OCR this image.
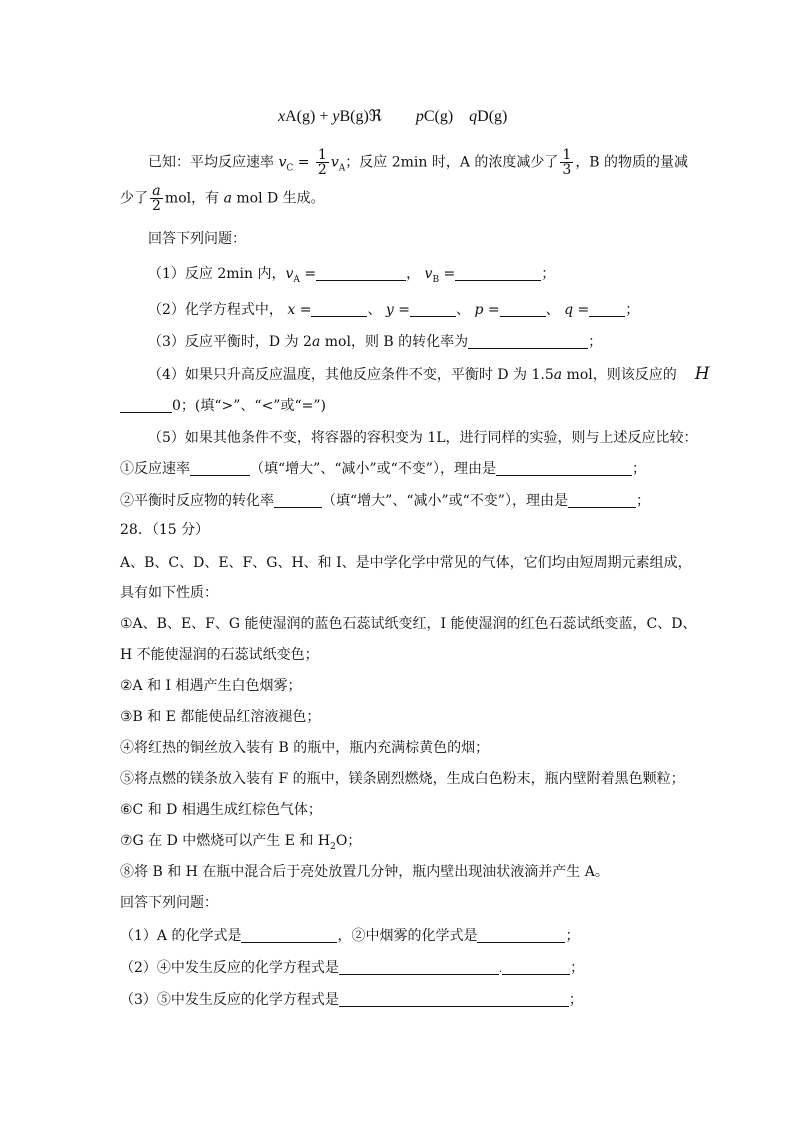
xA(g) + yB(g)ℜ pC(g) qD(g)
已知：平均反应速率 $v_C = \frac{1}{2} v_A$；反应 2min 时，A 的浓度减少了 $\frac{1}{3}$ ，B 的物质的量减
少了 $\frac{a}{2}$ mol，有 a mol D 生成。
回答下列问题：
（1）反应 2min 内，$v_A$ =	， $v_B$ =	；
（2）化学方程式中， x =	、 y =	、 p =	、 q =	；
（3）反应平衡时，D 为 2a mol，则 B 的转化率为	；
（4）如果只升高反应温度，其他反应条件不变，平衡时 D 为 1.5a mol，则该反应的 H
0；(填“>”、“<”或“=”)
（5）如果其他条件不变，将容器的容积变为 1L，进行同样的实验，则与上述反应比较：
①反应速率	（填“增大”、“减小”或“不变”），理由是	；
②平衡时反应物的转化率	（填“增大”、“减小”或“不变”），理由是	；
28．（15 分）
A、B、C、D、E、F、G、H、和 I、是中学化学中常见的气体，它们均由短周期元素组成，
具有如下性质：
①A、B、E、F、G 能使湿润的蓝色石蕊试纸变红，I 能使湿润的红色石蕊试纸变蓝，C、D、
H 不能使湿润的石蕊试纸变色；
②A 和 I 相遇产生白色烟雾；
③B 和 E 都能使品红溶液褪色；
④将红热的铜丝放入装有 B 的瓶中，瓶内充满棕黄色的烟；
⑤将点燃的镁条放入装有 F 的瓶中，镁条剧烈燃烧，生成白色粉末，瓶内壁附着黑色颗粒；
⑥C 和 D 相遇生成红棕色气体；
⑦G 在 D 中燃烧可以产生 E 和 $H_2O$；
⑧将 B 和 H 在瓶中混合后于亮处放置几分钟，瓶内壁出现油状液滴并产生 A。
回答下列问题：
（1）A 的化学式是	，②中烟雾的化学式是	；
（2）④中发生反应的化学方程式是	.	；
（3）⑤中发生反应的化学方程式是	；
